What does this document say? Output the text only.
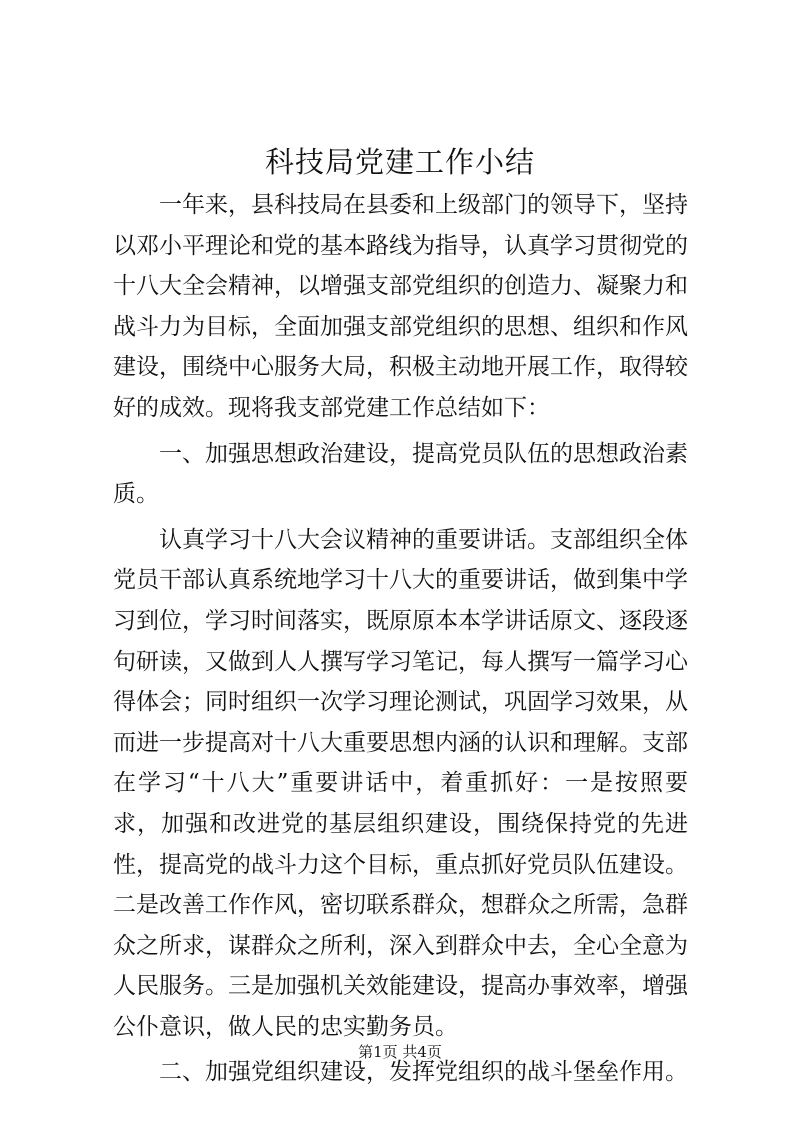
科技局党建工作小结

一年来，县科技局在县委和上级部门的领导下，坚持以邓小平理论和党的基本路线为指导，认真学习贯彻党的十八大全会精神，以增强支部党组织的创造力、凝聚力和战斗力为目标，全面加强支部党组织的思想、组织和作风建设，围绕中心服务大局，积极主动地开展工作，取得较好的成效。现将我支部党建工作总结如下：

一、加强思想政治建设，提高党员队伍的思想政治素质。

认真学习十八大会议精神的重要讲话。支部组织全体党员干部认真系统地学习十八大的重要讲话，做到集中学习到位，学习时间落实，既原原本本学讲话原文、逐段逐句研读，又做到人人撰写学习笔记，每人撰写一篇学习心得体会；同时组织一次学习理论测试，巩固学习效果，从而进一步提高对十八大重要思想内涵的认识和理解。支部在学习“十八大”重要讲话中，着重抓好：一是按照要求，加强和改进党的基层组织建设，围绕保持党的先进性，提高党的战斗力这个目标，重点抓好党员队伍建设。二是改善工作作风，密切联系群众，想群众之所需，急群众之所求，谋群众之所利，深入到群众中去，全心全意为人民服务。三是加强机关效能建设，提高办事效率，增强公仆意识，做人民的忠实勤务员。

二、加强党组织建设，发挥党组织的战斗堡垒作用。

第1页 共4页
